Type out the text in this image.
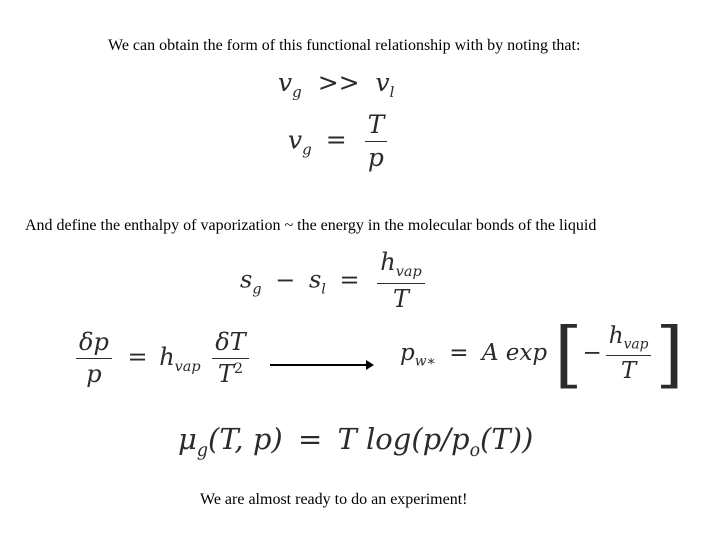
We can obtain the form of this functional relationship with by noting that:
$v_g >> v_l$
$v_g = \frac{T}{p}$
And define the enthalpy of vaporization ~ the energy in the molecular bonds of the liquid
$s_g - s_l = \frac{h_{vap}}{T}$
$\frac{\delta p}{p} = h_{vap} \frac{\delta T}{T^2}$	$p_{w∗} = A$ exp [− $\frac{h_{vap}}{T}$ ]
$\mu_g(T$, p) = T $\log(p/p_o(T))$
We are almost ready to do an experiment!
